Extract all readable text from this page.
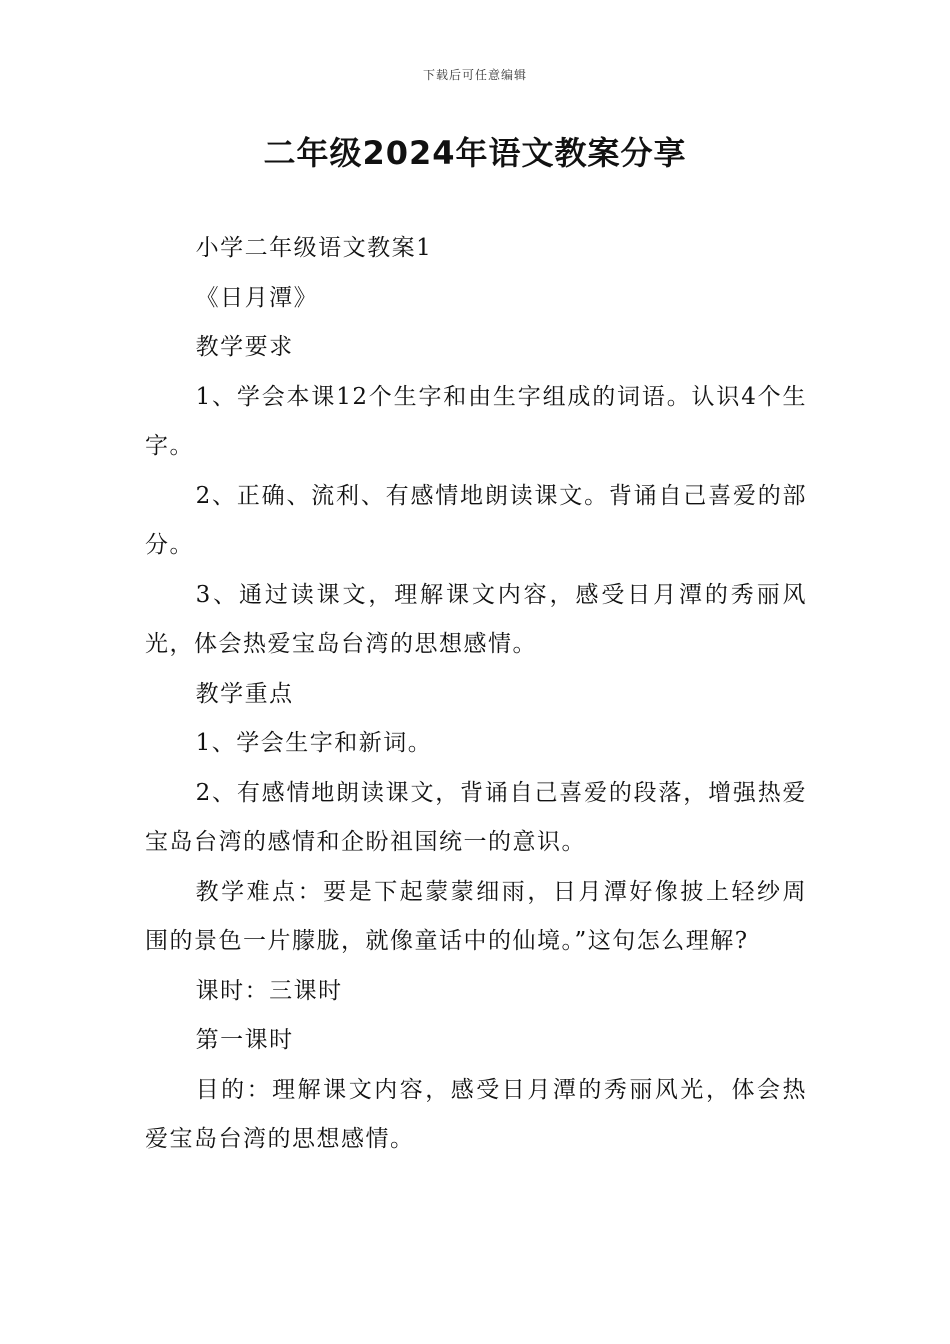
下载后可任意编辑
二年级2024年语文教案分享

小学二年级语文教案1

《日月潭》

教学要求

1、学会本课12个生字和由生字组成的词语。认识4个生字。

2、正确、流利、有感情地朗读课文。背诵自己喜爱的部分。

3、通过读课文，理解课文内容，感受日月潭的秀丽风光，体会热爱宝岛台湾的思想感情。

教学重点

1、学会生字和新词。

2、有感情地朗读课文，背诵自己喜爱的段落，增强热爱宝岛台湾的感情和企盼祖国统一的意识。

教学难点：要是下起蒙蒙细雨，日月潭好像披上轻纱周围的景色一片朦胧，就像童话中的仙境。”这句怎么理解?

课时：三课时

第一课时

目的：理解课文内容，感受日月潭的秀丽风光，体会热爱宝岛台湾的思想感情。
